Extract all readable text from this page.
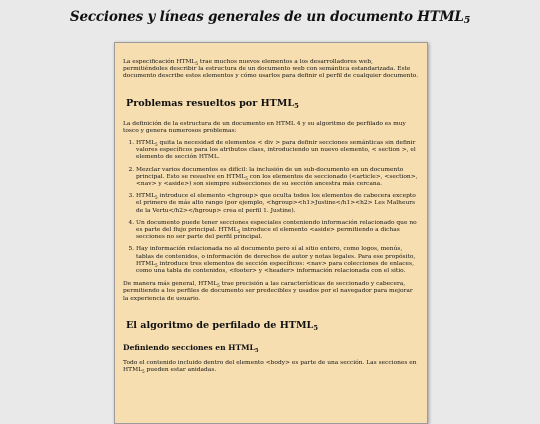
Secciones y líneas generales de un documento $HTML_5$

La especificación $HTML_5$ trae muchos nuevos elementos a los desarrolladores web, permitiéndoles describir la estructura de un documento web con semántica estandarizada. Este documento describe estos elementos y cómo usarlos para definir el perfil de cualquier documento.

Problemas resueltos por $HTML_5$

La definición de la estructura de un documento en HTML 4 y su algoritmo de perfilado es muy tosco y genera numerosos problemas:

1. $HTML_5$ quita la necesidad de elementos < div > para definir secciones semánticas sin definir valores específicos para los atributos class, introduciendo un nuevo elemento, < section >, el elemento de sección HTML.
2. Mezclar varios documentos es difícil: la inclusión de un sub-documento en un documento principal. Esto se resuelve en $HTML_5$ con los elementos de seccionado (<article>, <section>, <nav> y <aside>) son siempre subsecciones de su sección ancestra más cercana.
3. $HTML_5$ introduce el elemento <hgroup> que oculta todos los elementos de cabecera excepto el primero de más alto rango (por ejemplo, <hgroup><h1>Justine</h1><h2> Les Malheurs de la Vertu</h2></hgroup> crea el perfil 1. Justine).
4. Un documento puede tener secciones especiales conteniendo información relacionado que no es parte del flujo principal. $HTML_5$ introduce el elemento <aside> permitiendo a dichas secciones no ser parte del perfil principal.
5. Hay información relacionada no al documento pero sí al sitio entero, como logos, menús, tablas de contenidos, o información de derechos de autor y notas legales. Para ese propósito, $HTML_5$ introduce tres elementos de sección específicos: <nav> para colecciones de enlaces, como una tabla de contenidos, <footer> y <header> información relacionada con el sitio.

De manera más general, $HTML_5$ trae precisión a las características de seccionado y cabecera, permitiendo a los perfiles de documento ser predecibles y usados por el navegador para mejorar la experiencia de usuario.

El algoritmo de perfilado de $HTML_5$
Definiendo secciones en $HTML_5$

Todo el contenido incluido dentro del elemento <body> es parte de una sección. Las secciones en $HTML_5$ pueden estar anidadas.
